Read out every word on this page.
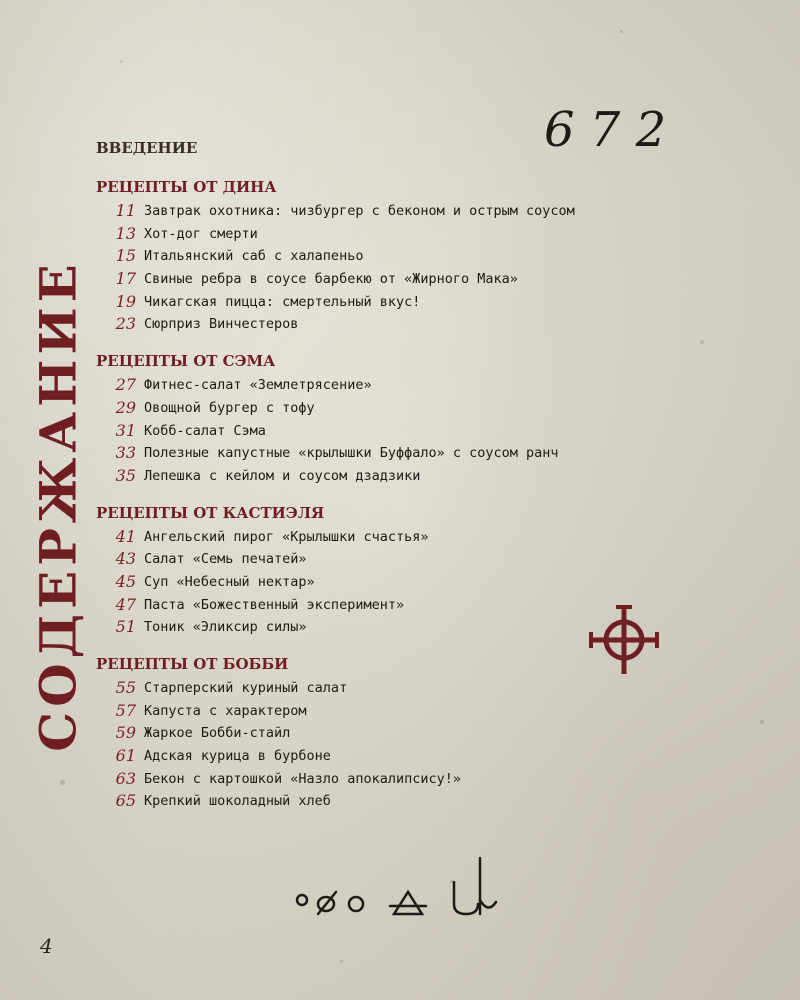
СОДЕРЖАНИЕ
6 7 2
ВВЕДЕНИЕ
РЕЦЕПТЫ ОТ ДИНА
11 Завтрак охотника: чизбургер с беконом и острым соусом
13 Хот-дог смерти
15 Итальянский саб с халапеньо
17 Свиные ребра в соусе барбекю от «Жирного Мака»
19 Чикагская пицца: смертельный вкус!
23 Сюрприз Винчестеров
РЕЦЕПТЫ ОТ СЭМА
27 Фитнес-салат «Землетрясение»
29 Овощной бургер с тофу
31 Кобб-салат Сэма
33 Полезные капустные «крылышки Буффало» с соусом ранч
35 Лепешка с кейлом и соусом дзадзики
РЕЦЕПТЫ ОТ КАСТИЭЛЯ
41 Ангельский пирог «Крылышки счастья»
43 Салат «Семь печатей»
45 Суп «Небесный нектар»
47 Паста «Божественный эксперимент»
51 Тоник «Эликсир силы»
РЕЦЕПТЫ ОТ БОББИ
55 Старперский куриный салат
57 Капуста с характером
59 Жаркое Бобби-стайл
61 Адская курица в бурбоне
63 Бекон с картошкой «Назло апокалипсису!»
65 Крепкий шоколадный хлеб
4
